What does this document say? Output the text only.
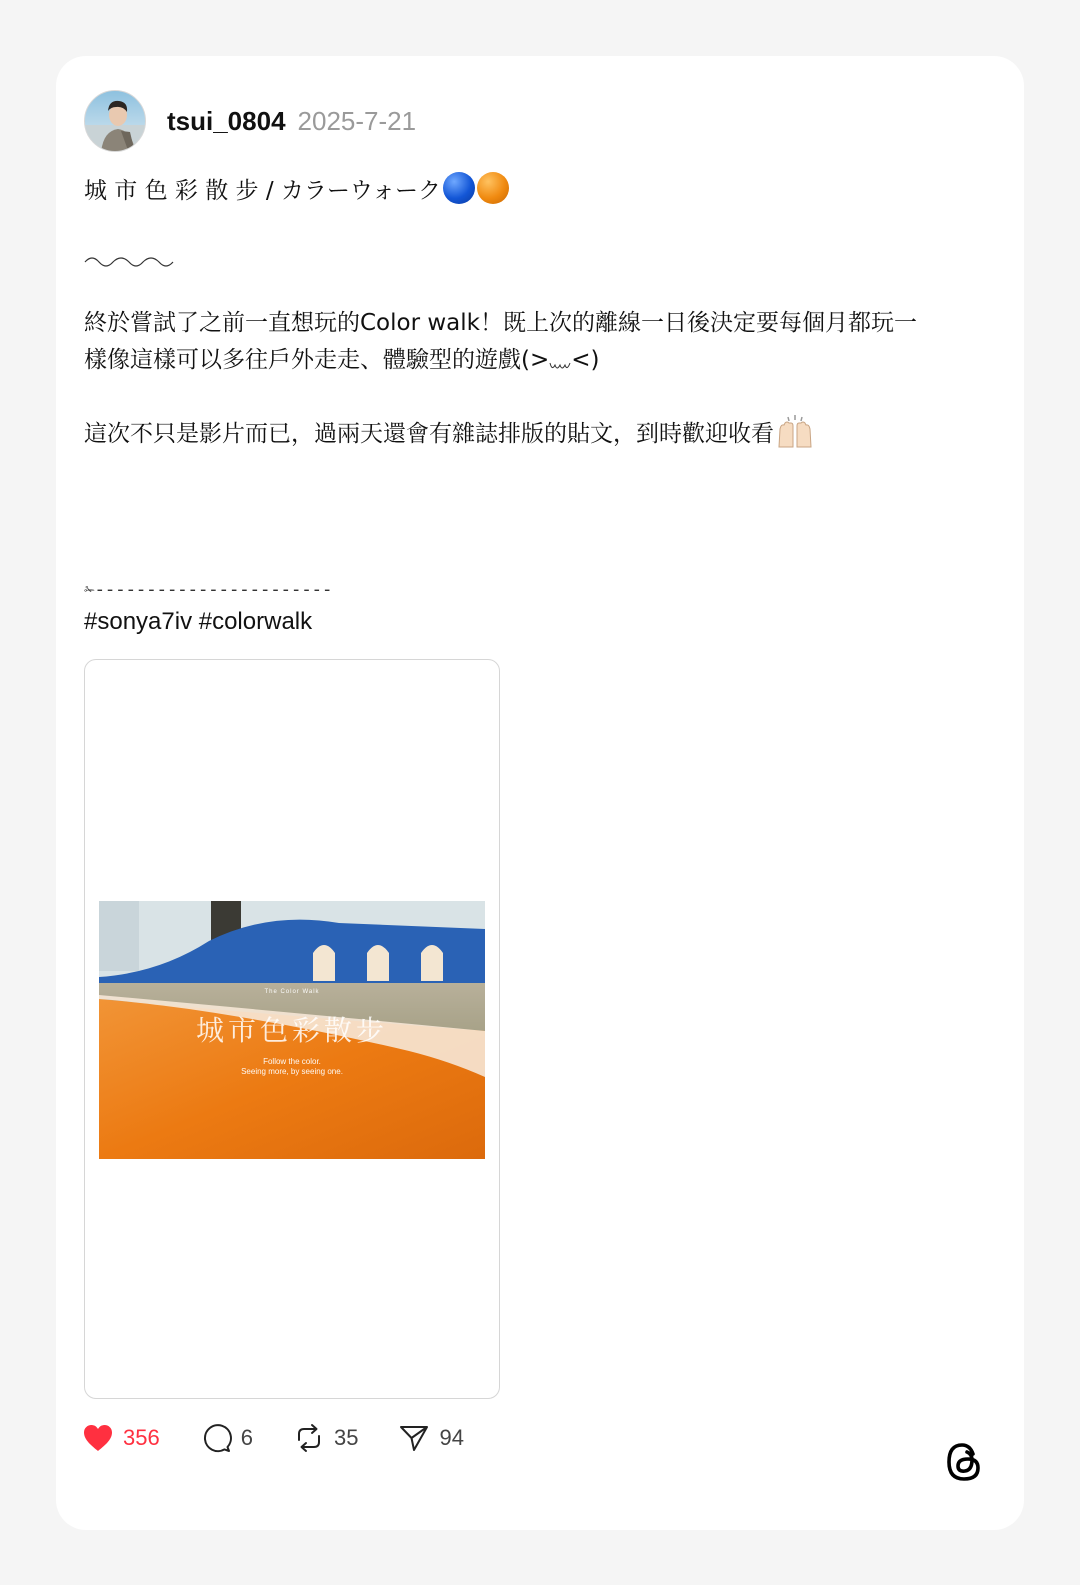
tsui_0804 2025-7-21
城 市 色 彩 散 步 / カラーウォーク
終於嘗試了之前一直想玩的Color walk！既上次的離線一日後決定要每個月都玩一
樣像這樣可以多往戶外走走、體驗型的遊戲(> <)
這次不只是影片而已，過兩天還會有雜誌排版的貼文，到時歡迎收看
✁-----------------------
#sonya7iv #colorwalk
The Color Walk
城市色彩散步
Follow the color.
Seeing more, by seeing one.
356	6	35	94
